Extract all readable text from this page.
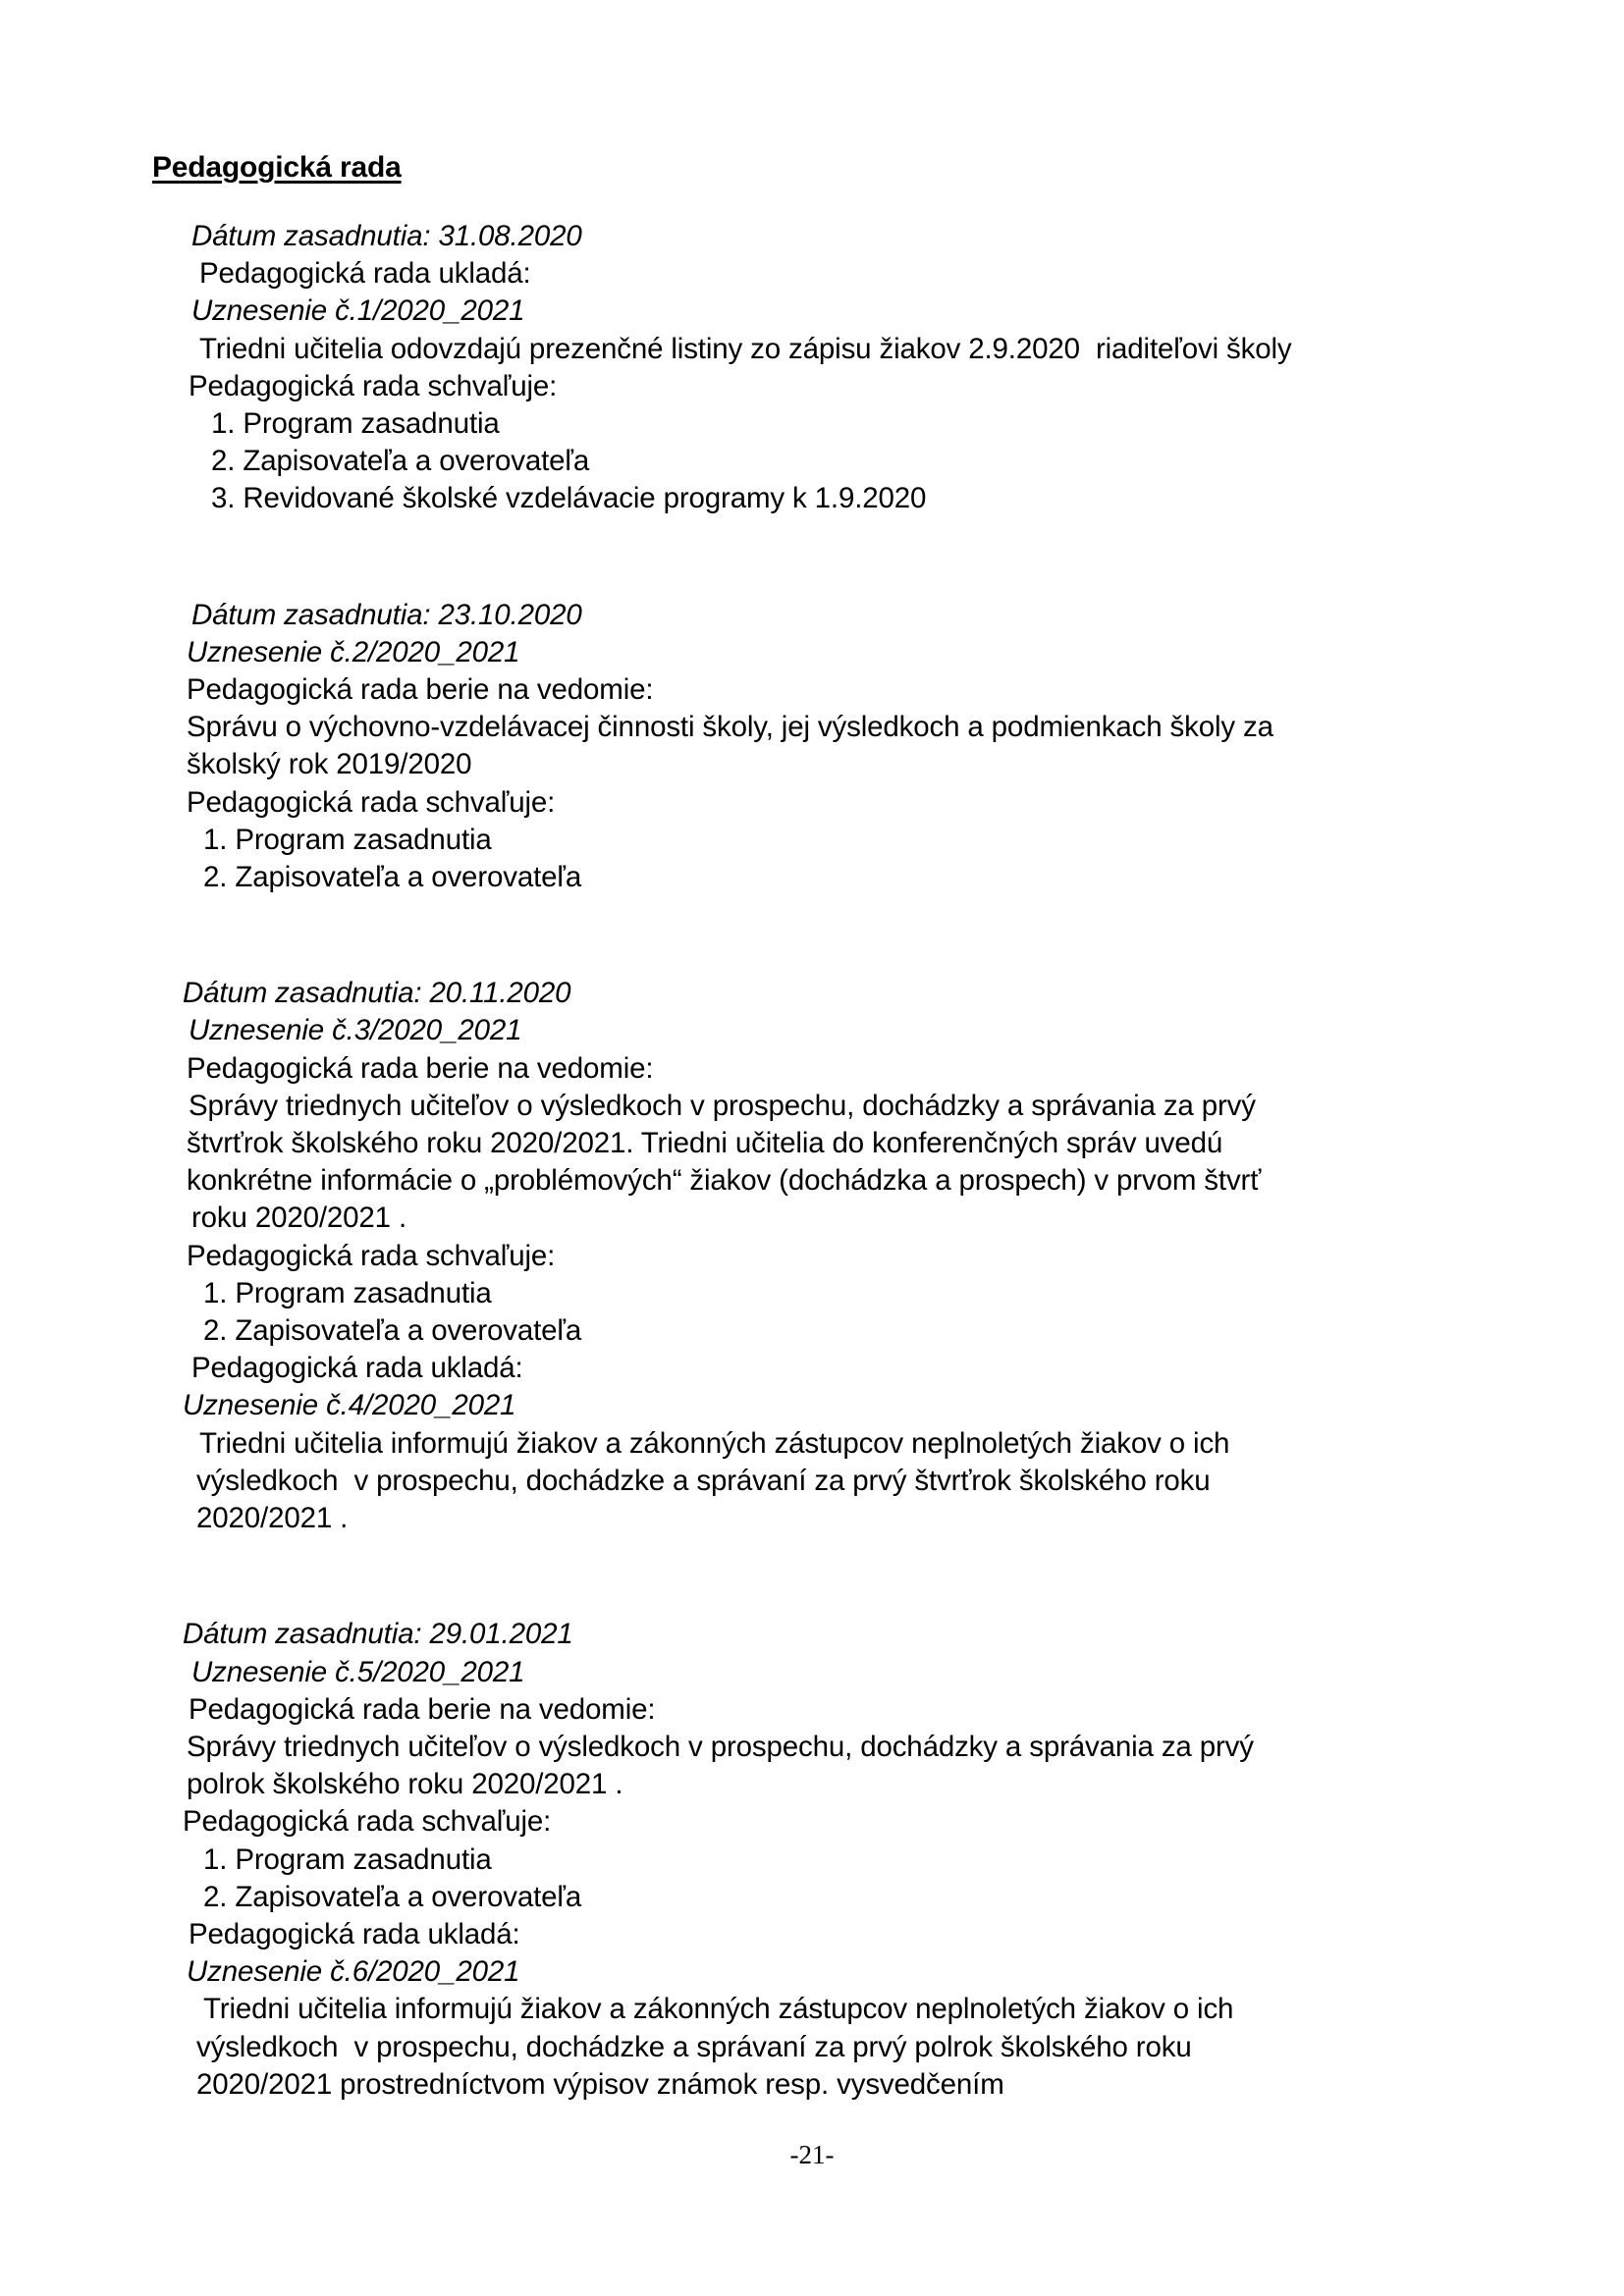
Pedagogická rada
Dátum zasadnutia: 31.08.2020
Pedagogická rada ukladá:
Uznesenie č.1/2020_2021
Triedni učitelia odovzdajú prezenčné listiny zo zápisu žiakov 2.9.2020  riaditeľovi školy
Pedagogická rada schvaľuje:
1. Program zasadnutia
2. Zapisovateľa a overovateľa
3. Revidované školské vzdelávacie programy k 1.9.2020
Dátum zasadnutia: 23.10.2020
Uznesenie č.2/2020_2021
Pedagogická rada berie na vedomie:
Správu o výchovno-vzdelávacej činnosti školy, jej výsledkoch a podmienkach školy za
školský rok 2019/2020
Pedagogická rada schvaľuje:
1. Program zasadnutia
2. Zapisovateľa a overovateľa
Dátum zasadnutia: 20.11.2020
Uznesenie č.3/2020_2021
Pedagogická rada berie na vedomie:
Správy triednych učiteľov o výsledkoch v prospechu, dochádzky a správania za prvý
štvrťrok školského roku 2020/2021. Triedni učitelia do konferenčných správ uvedú
konkrétne informácie o „problémových“ žiakov (dochádzka a prospech) v prvom štvrť
roku 2020/2021 .
Pedagogická rada schvaľuje:
1. Program zasadnutia
2. Zapisovateľa a overovateľa
Pedagogická rada ukladá:
Uznesenie č.4/2020_2021
Triedni učitelia informujú žiakov a zákonných zástupcov neplnoletých žiakov o ich
výsledkoch  v prospechu, dochádzke a správaní za prvý štvrťrok školského roku
2020/2021 .
Dátum zasadnutia: 29.01.2021
Uznesenie č.5/2020_2021
Pedagogická rada berie na vedomie:
Správy triednych učiteľov o výsledkoch v prospechu, dochádzky a správania za prvý
polrok školského roku 2020/2021 .
Pedagogická rada schvaľuje:
1. Program zasadnutia
2. Zapisovateľa a overovateľa
Pedagogická rada ukladá:
Uznesenie č.6/2020_2021
Triedni učitelia informujú žiakov a zákonných zástupcov neplnoletých žiakov o ich
výsledkoch  v prospechu, dochádzke a správaní za prvý polrok školského roku
2020/2021 prostredníctvom výpisov známok resp. vysvedčením
-21-
